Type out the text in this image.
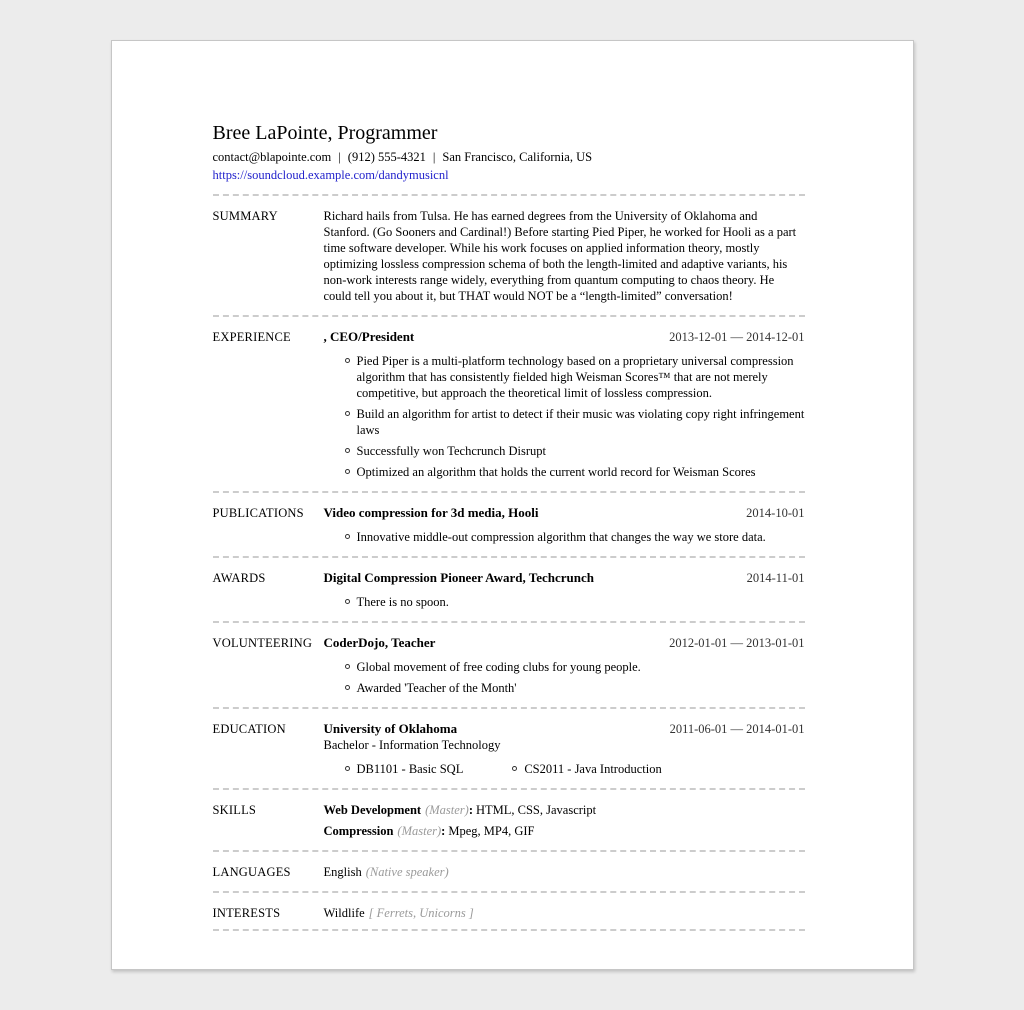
Bree LaPointe, Programmer
contact@blapointe.com | (912) 555-4321 | San Francisco, California, US
https://soundcloud.example.com/dandymusicnl
SUMMARY	Richard hails from Tulsa. He has earned degrees from the University of Oklahoma and Stanford. (Go Sooners and Cardinal!) Before starting Pied Piper, he worked for Hooli as a part time software developer. While his work focuses on applied information theory, mostly optimizing lossless compression schema of both the length-limited and adaptive variants, his non-work interests range widely, everything from quantum computing to chaos theory. He could tell you about it, but THAT would NOT be a “length-limited” conversation!
EXPERIENCE	, CEO/President	2013-12-01 — 2014-12-01
Pied Piper is a multi-platform technology based on a proprietary universal compression algorithm that has consistently fielded high Weisman Scores™ that are not merely competitive, but approach the theoretical limit of lossless compression.
Build an algorithm for artist to detect if their music was violating copy right infringement laws
Successfully won Techcrunch Disrupt
Optimized an algorithm that holds the current world record for Weisman Scores
PUBLICATIONS	Video compression for 3d media, Hooli	2014-10-01
Innovative middle-out compression algorithm that changes the way we store data.
AWARDS	Digital Compression Pioneer Award, Techcrunch	2014-11-01
There is no spoon.
VOLUNTEERING CoderDojo, Teacher	2012-01-01 — 2013-01-01
Global movement of free coding clubs for young people.
Awarded 'Teacher of the Month'
EDUCATION	University of Oklahoma	2011-06-01 — 2014-01-01
Bachelor - Information Technology
DB1101 - Basic SQL	CS2011 - Java Introduction
SKILLS	Web Development (Master): HTML, CSS, Javascript
Compression (Master): Mpeg, MP4, GIF
LANGUAGES	English (Native speaker)
INTERESTS	Wildlife [ Ferrets, Unicorns ]
